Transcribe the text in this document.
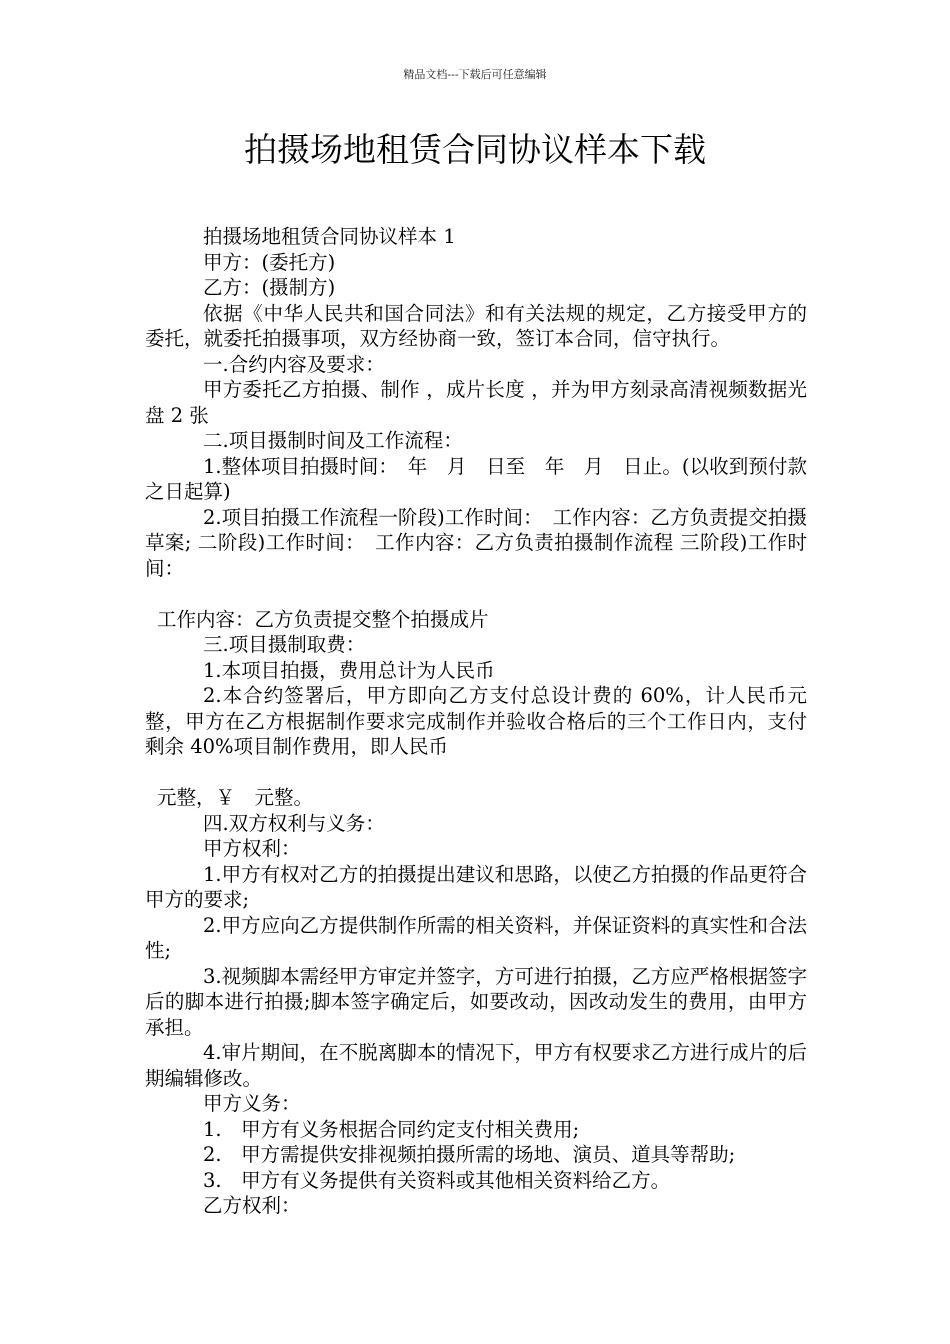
精品文档---下载后可任意编辑
拍摄场地租赁合同协议样本下载

拍摄场地租赁合同协议样本 1

甲方：(委托方)

乙方：(摄制方)

依据《中华人民共和国合同法》和有关法规的规定，乙方接受甲方的委托，就委托拍摄事项，双方经协商一致，签订本合同，信守执行。

一.合约内容及要求：

甲方委托乙方拍摄、制作 ，成片长度 ，并为甲方刻录高清视频数据光盘 2 张

二.项目摄制时间及工作流程：

1.整体项目拍摄时间：　年　月　日至　年　月　日止。(以收到预付款之日起算)

2.项目拍摄工作流程一阶段)工作时间：　工作内容：乙方负责提交拍摄草案; 二阶段)工作时间：　工作内容：乙方负责拍摄制作流程 三阶段)工作时间：

工作内容：乙方负责提交整个拍摄成片

三.项目摄制取费：

1.本项目拍摄，费用总计为人民币

2.本合约签署后，甲方即向乙方支付总设计费的 60%，计人民币元整，甲方在乙方根据制作要求完成制作并验收合格后的三个工作日内，支付剩余 40%项目制作费用，即人民币

元整，￥　元整。

四.双方权利与义务：

甲方权利：

1.甲方有权对乙方的拍摄提出建议和思路，以使乙方拍摄的作品更符合甲方的要求;

2.甲方应向乙方提供制作所需的相关资料，并保证资料的真实性和合法性;

3.视频脚本需经甲方审定并签字，方可进行拍摄，乙方应严格根据签字后的脚本进行拍摄;脚本签字确定后，如要改动，因改动发生的费用，由甲方承担。

4.审片期间，在不脱离脚本的情况下，甲方有权要求乙方进行成片的后期编辑修改。

甲方义务：

1.　甲方有义务根据合同约定支付相关费用;

2.　甲方需提供安排视频拍摄所需的场地、演员、道具等帮助;

3.　甲方有义务提供有关资料或其他相关资料给乙方。

乙方权利：
